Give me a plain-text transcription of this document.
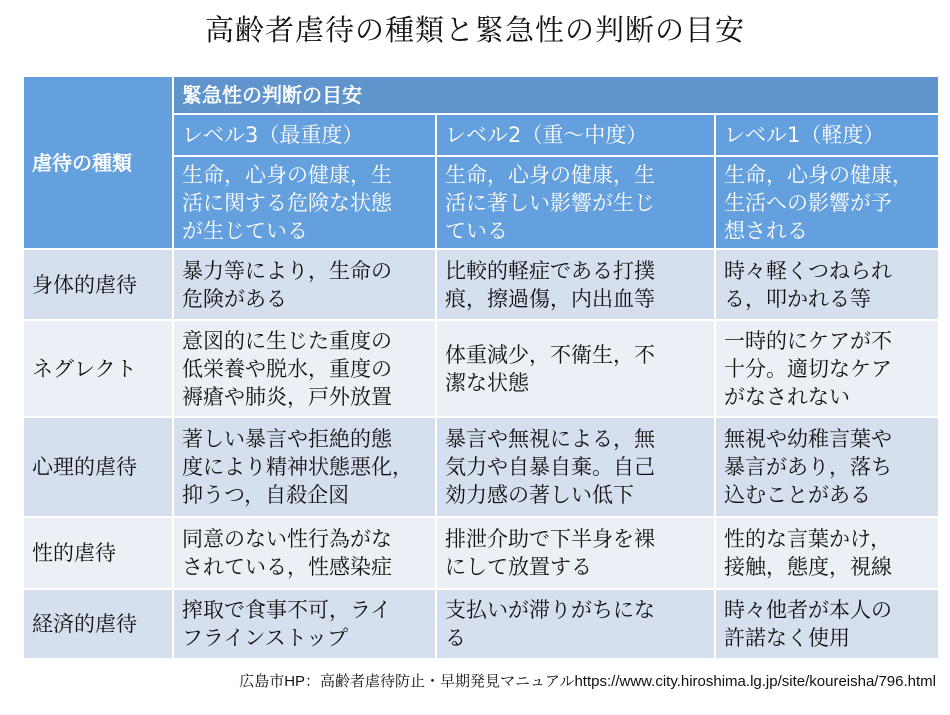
高齢者虐待の種類と緊急性の判断の目安
虐待の種類	緊急性の判断の目安		
	レベル3（最重度）	レベル2（重～中度）	レベル1（軽度）
	生命，心身の健康，生
活に関する危険な状態
が生じている	生命，心身の健康，生
活に著しい影響が生じ
ている	生命，心身の健康，
生活への影響が予
想される
身体的虐待	暴力等により，生命の
危険がある	比較的軽症である打撲
痕，擦過傷，内出血等	時々軽くつねられ
る，叩かれる等
ネグレクト	意図的に生じた重度の
低栄養や脱水，重度の
褥瘡や肺炎，戸外放置	体重減少，不衛生，不
潔な状態	一時的にケアが不
十分。適切なケア
がなされない
心理的虐待	著しい暴言や拒絶的態
度により精神状態悪化，
抑うつ，自殺企図	暴言や無視による，無
気力や自暴自棄。自己
効力感の著しい低下	無視や幼稚言葉や
暴言があり，落ち
込むことがある
性的虐待	同意のない性行為がな
されている，性感染症	排泄介助で下半身を裸
にして放置する	性的な言葉かけ，
接触，態度，視線
経済的虐待	搾取で食事不可，ライ
フラインストップ	支払いが滞りがちにな
る	時々他者が本人の
許諾なく使用
広島市HP：高齢者虐待防止・早期発見マニュアルhttps://www.city.hiroshima.lg.jp/site/koureisha/796.html
